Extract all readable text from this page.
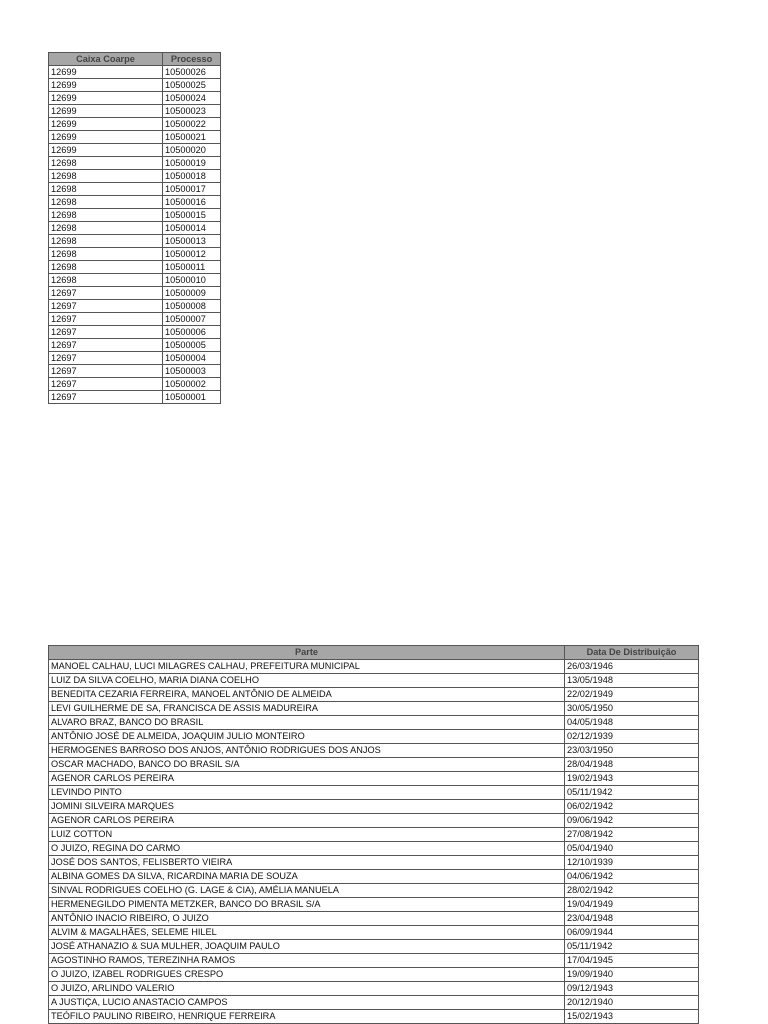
Caixa Coarpe	Processo
12699	10500026
12699	10500025
12699	10500024
12699	10500023
12699	10500022
12699	10500021
12699	10500020
12698	10500019
12698	10500018
12698	10500017
12698	10500016
12698	10500015
12698	10500014
12698	10500013
12698	10500012
12698	10500011
12698	10500010
12697	10500009
12697	10500008
12697	10500007
12697	10500006
12697	10500005
12697	10500004
12697	10500003
12697	10500002
12697	10500001
Parte	Data De Distribuição
MANOEL CALHAU, LUCI MILAGRES CALHAU, PREFEITURA MUNICIPAL	26/03/1946
LUIZ DA SILVA COELHO, MARIA DIANA COELHO	13/05/1948
BENEDITA CEZARIA FERREIRA, MANOEL ANTÔNIO DE ALMEIDA	22/02/1949
LEVI GUILHERME DE SA, FRANCISCA DE ASSIS MADUREIRA	30/05/1950
ALVARO BRAZ, BANCO DO BRASIL	04/05/1948
ANTÔNIO JOSÉ DE ALMEIDA, JOAQUIM JULIO MONTEIRO	02/12/1939
HERMOGENES BARROSO DOS ANJOS, ANTÔNIO RODRIGUES DOS ANJOS	23/03/1950
OSCAR MACHADO, BANCO DO BRASIL S/A	28/04/1948
AGENOR CARLOS PEREIRA	19/02/1943
LEVINDO PINTO	05/11/1942
JOMINI SILVEIRA MARQUES	06/02/1942
AGENOR CARLOS PEREIRA	09/06/1942
LUIZ COTTON	27/08/1942
O JUIZO, REGINA DO CARMO	05/04/1940
JOSÉ DOS SANTOS, FELISBERTO VIEIRA	12/10/1939
ALBINA GOMES DA SILVA, RICARDINA MARIA DE SOUZA	04/06/1942
SINVAL RODRIGUES COELHO (G. LAGE & CIA), AMÉLIA MANUELA	28/02/1942
HERMENEGILDO PIMENTA METZKER, BANCO DO BRASIL S/A	19/04/1949
ANTÔNIO INACIO RIBEIRO, O JUIZO	23/04/1948
ALVIM & MAGALHÃES, SELEME HILEL	06/09/1944
JOSÉ ATHANAZIO & SUA MULHER, JOAQUIM PAULO	05/11/1942
AGOSTINHO RAMOS, TEREZINHA RAMOS	17/04/1945
O JUIZO, IZABEL RODRIGUES CRESPO	19/09/1940
O JUIZO, ARLINDO VALERIO	09/12/1943
A JUSTIÇA, LUCIO ANASTACIO CAMPOS	20/12/1940
TEÓFILO PAULINO RIBEIRO, HENRIQUE FERREIRA	15/02/1943
